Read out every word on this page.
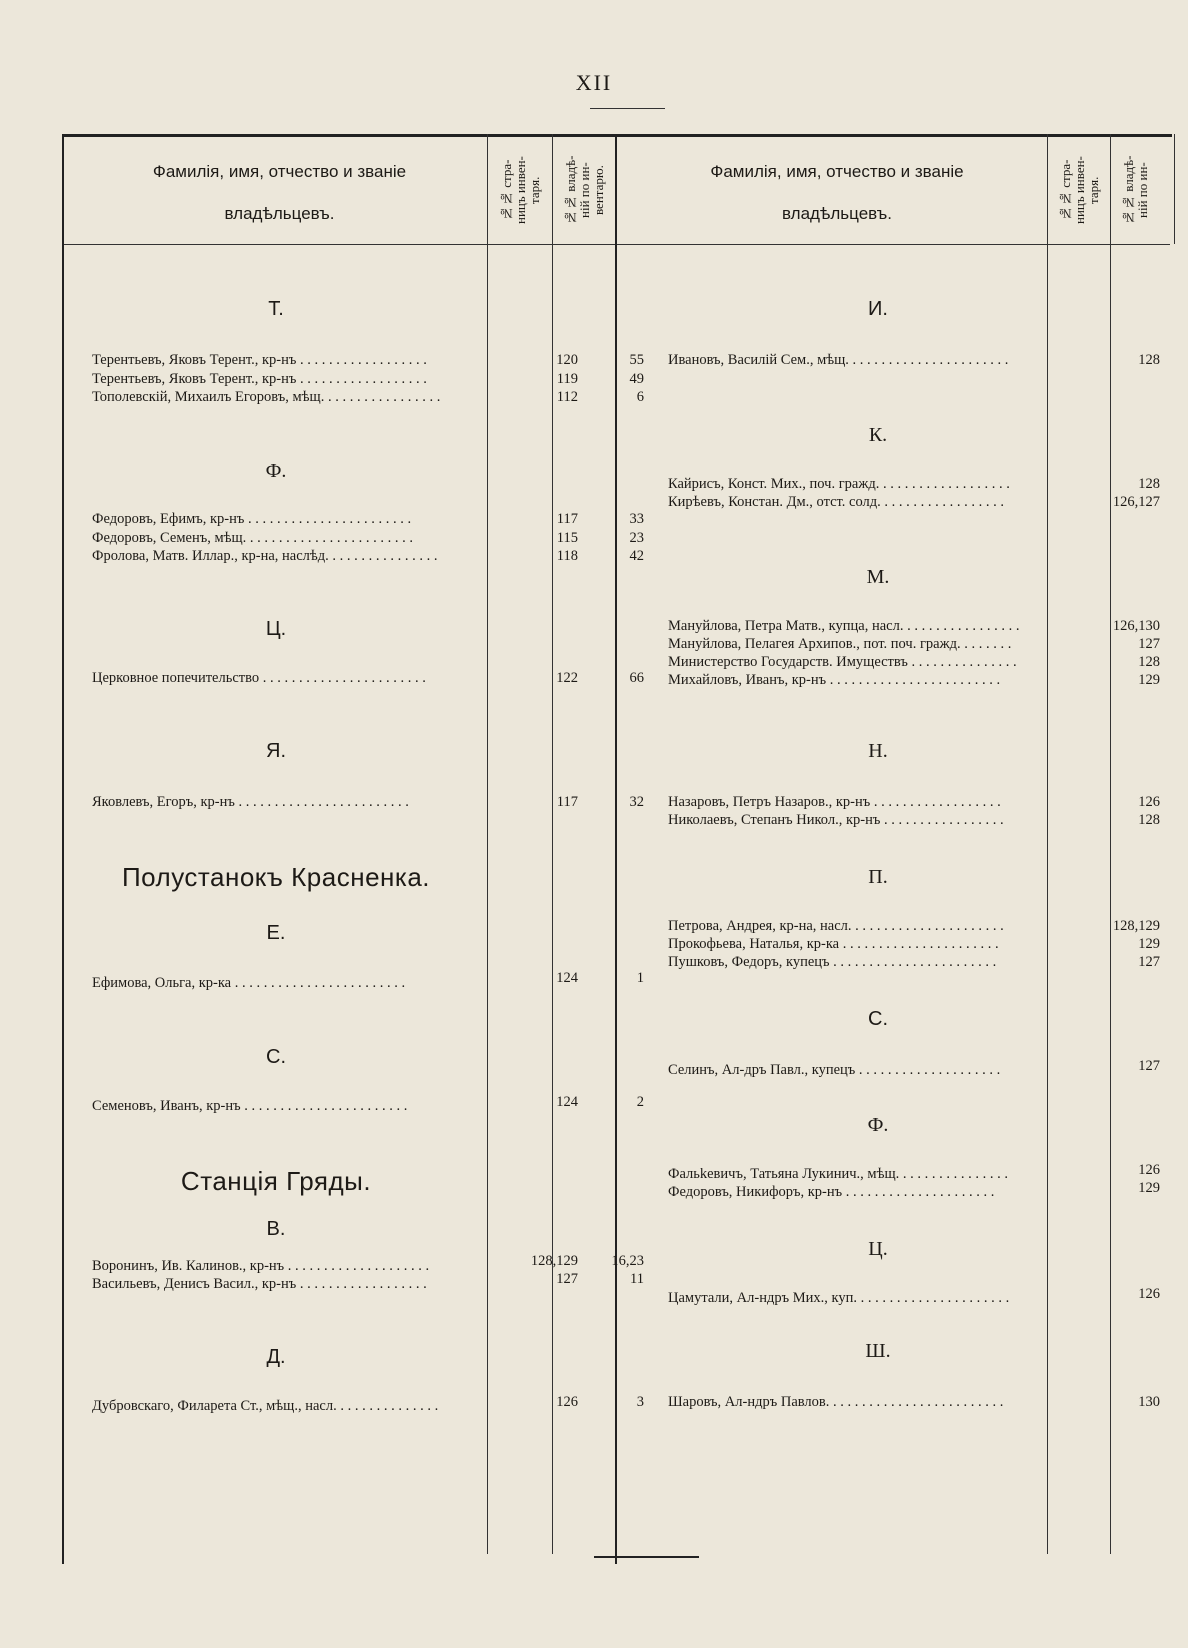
XII
Фамилія, имя, отчество и званіе
владѣльцевъ.	№№ стра-
ницъ инвен-
таря.
№№ владѣ-
ній по ин-
вентарю.	Фамилія, имя, отчество и званіе
владѣльцевъ.	№№ стра-
ницъ инвен-
таря.
№№ владѣ-
ній по ин-
Т.
Терентьевъ, Яковъ Терент., кр-нъ . . . . . . . . . . . . . . . . . .	120	55
Терентьевъ, Яковъ Терент., кр-нъ . . . . . . . . . . . . . . . . . .	119	49
Тополевскій, Михаилъ Егоровъ, мѣщ. . . . . . . . . . . . . . . . .	112	6
Ф.
Федоровъ, Ефимъ, кр-нъ . . . . . . . . . . . . . . . . . . . . . . .	117	33
Федоровъ, Семенъ, мѣщ. . . . . . . . . . . . . . . . . . . . . . . .	115	23
Фролова, Матв. Иллар., кр-на, наслѣд. . . . . . . . . . . . . . . .	118	42
Ц.
Церковное попечительство . . . . . . . . . . . . . . . . . . . . . . .	122	66
Я.
Яковлевъ, Егоръ, кр-нъ . . . . . . . . . . . . . . . . . . . . . . . .	117	32
Полустанокъ Красненка.
Е.
Ефимова, Ольга, кр-ка . . . . . . . . . . . . . . . . . . . . . . . .	124	1
С.
Семеновъ, Иванъ, кр-нъ . . . . . . . . . . . . . . . . . . . . . . .	124	2
Станція Гряды.
В.
Воронинъ, Ив. Калинов., кр-нъ . . . . . . . . . . . . . . . . . . . .	128,129	16,23
Васильевъ, Денисъ Васил., кр-нъ . . . . . . . . . . . . . . . . . .	127	11
Д.
Дубровскаго, Филарета Ст., мѣщ., насл. . . . . . . . . . . . . . .	126	3
И.
Ивановъ, Василій Сем., мѣщ. . . . . . . . . . . . . . . . . . . . . . .	128
К.
Кайрисъ, Конст. Мих., поч. гражд. . . . . . . . . . . . . . . . . . .	128
Кирѣевъ, Констан. Дм., отст. солд. . . . . . . . . . . . . . . . . .	126,127
М.
Мануйлова, Петра Матв., купца, насл. . . . . . . . . . . . . . . . .	126,130
Мануйлова, Пелагея Архипов., пот. поч. гражд. . . . . . . .	127
Министерство Государств. Имуществъ . . . . . . . . . . . . . . .	128
Михайловъ, Иванъ, кр-нъ . . . . . . . . . . . . . . . . . . . . . . . .	129
Н.
Назаровъ, Петръ Назаров., кр-нъ . . . . . . . . . . . . . . . . . .	126
Николаевъ, Степанъ Никол., кр-нъ . . . . . . . . . . . . . . . . .	128
П.
Петрова, Андрея, кр-на, насл. . . . . . . . . . . . . . . . . . . . . .	128,129
Прокофьева, Наталья, кр-ка . . . . . . . . . . . . . . . . . . . . . .	129
Пушковъ, Федоръ, купецъ . . . . . . . . . . . . . . . . . . . . . . .	127
С.
Селинъ, Ал-дръ Павл., купецъ . . . . . . . . . . . . . . . . . . . .	127
Ф.
Фальkевичъ, Татьяна Лукинич., мѣщ. . . . . . . . . . . . . . . .	126
Федоровъ, Никифоръ, кр-нъ . . . . . . . . . . . . . . . . . . . . .	129
Ц.
Цамутали, Ал-ндръ Мих., куп. . . . . . . . . . . . . . . . . . . . . .	126
Ш.
Шаровъ, Ал-ндръ Павлов. . . . . . . . . . . . . . . . . . . . . . . . .	130
